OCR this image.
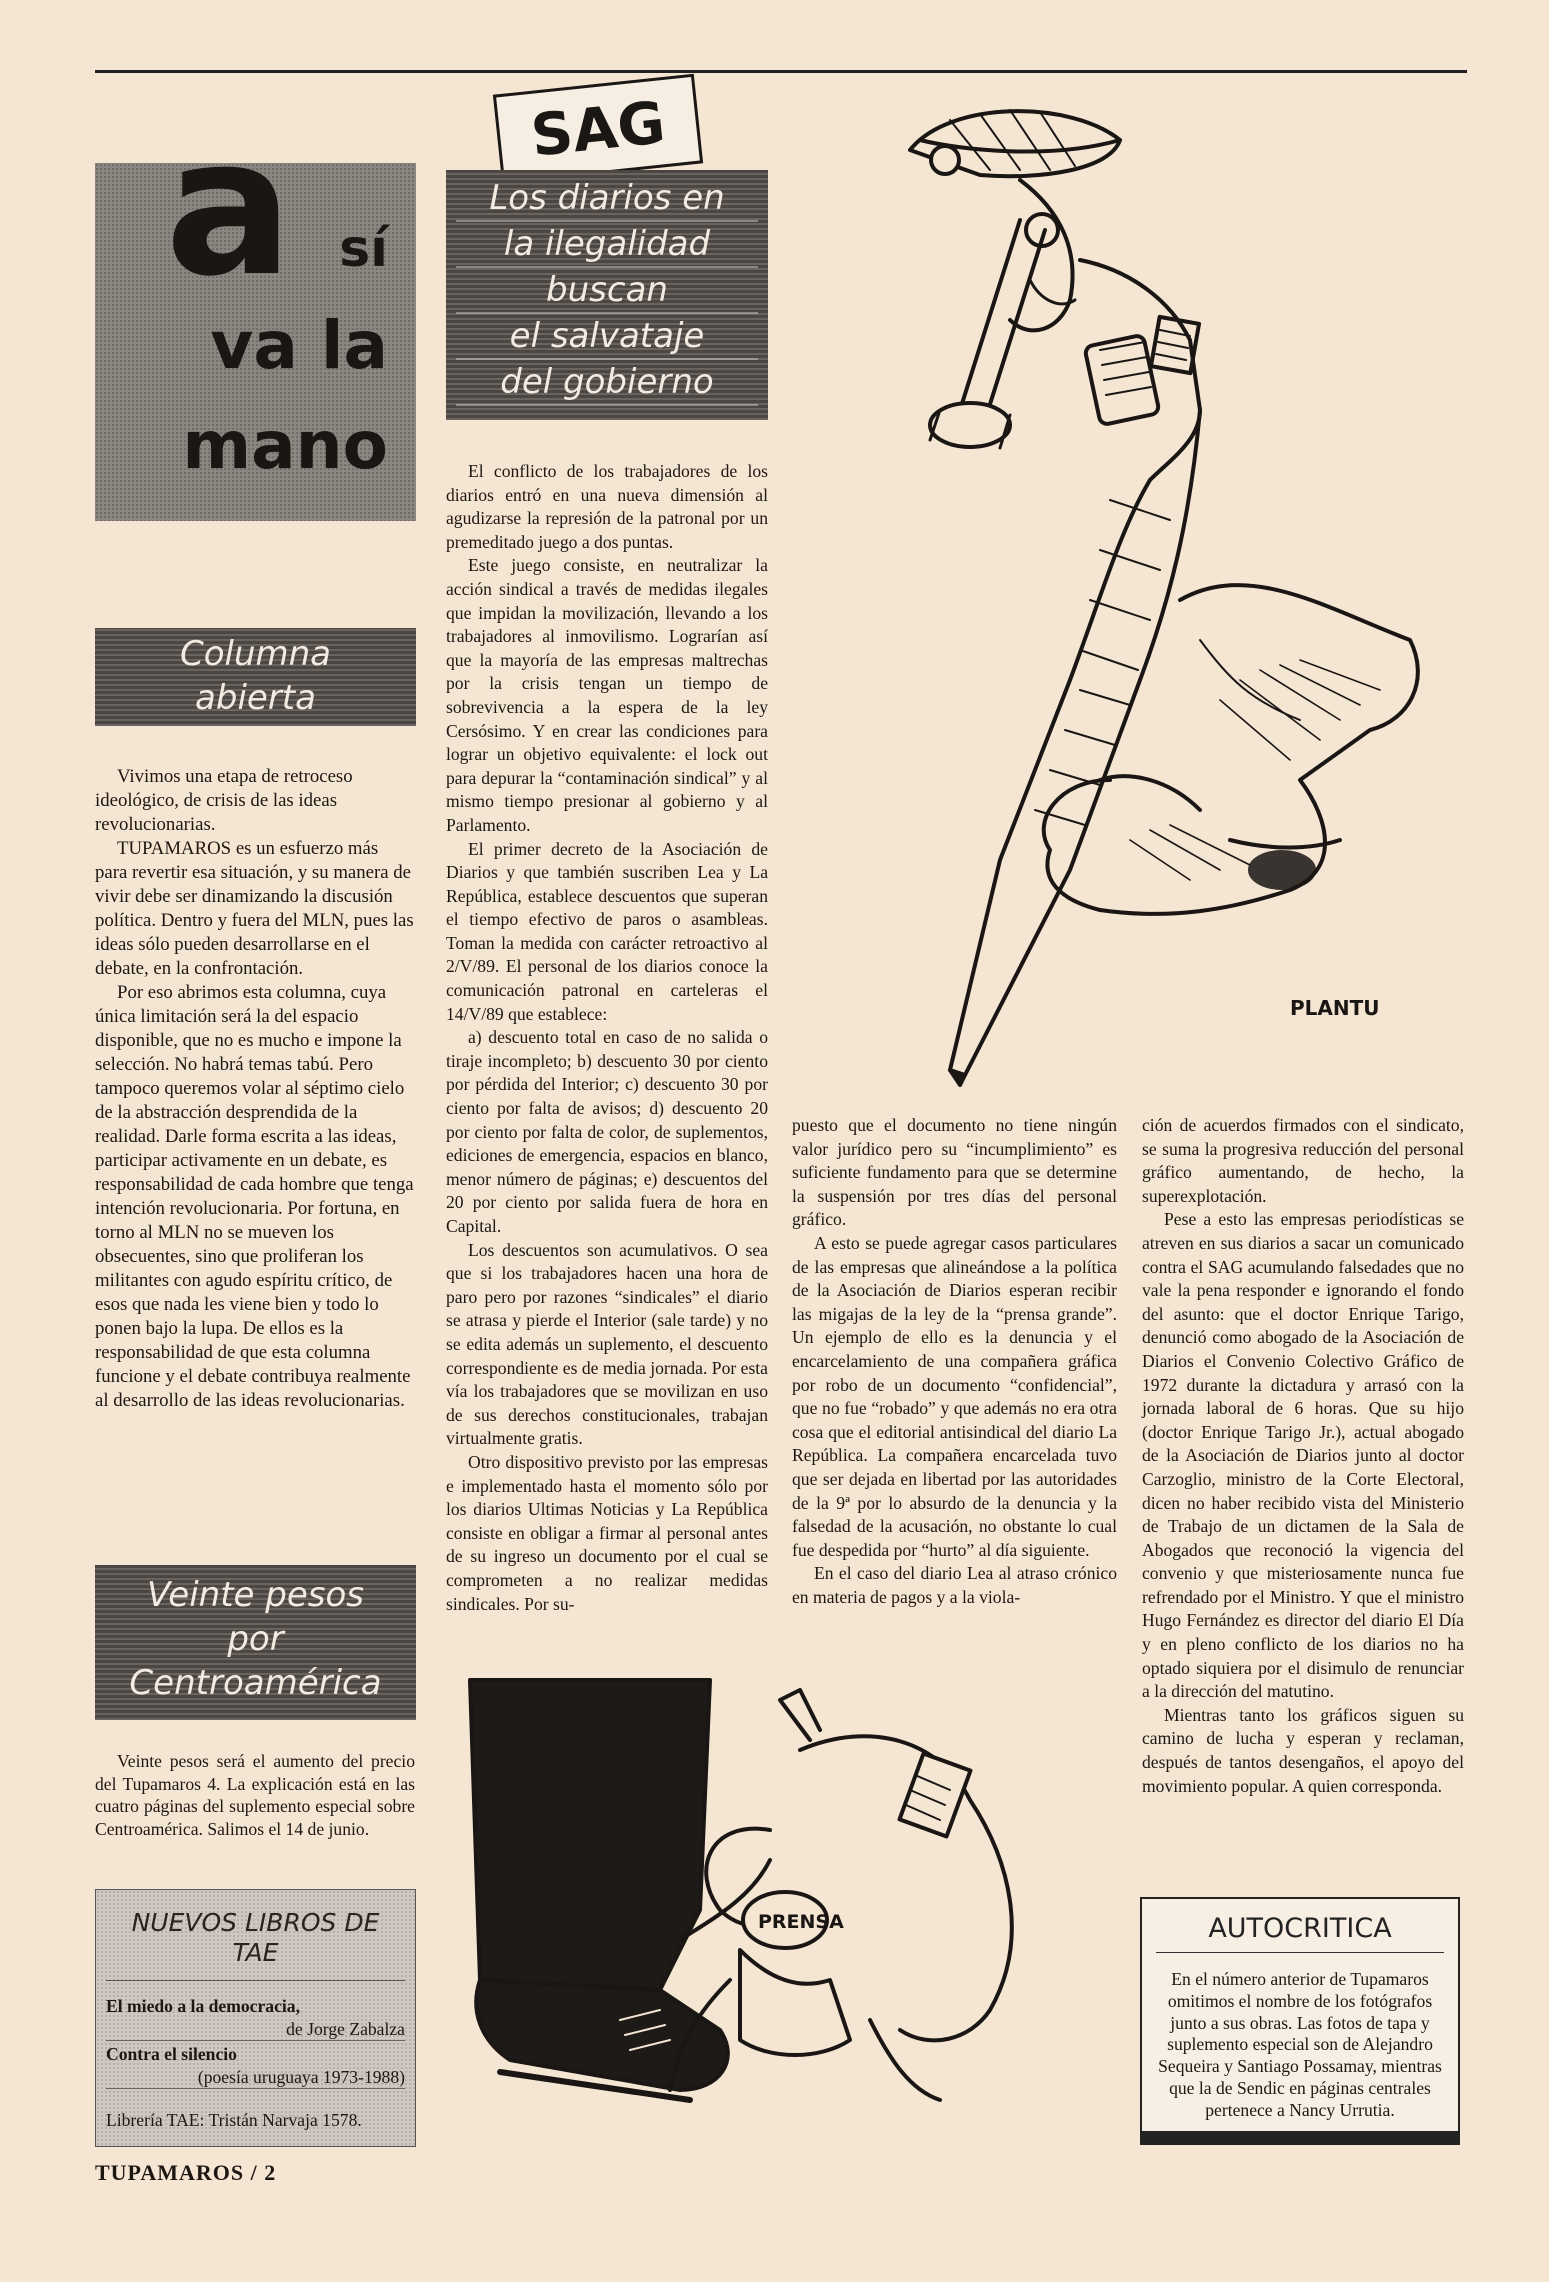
a sí
va la
mano
SAG
Los diarios en
la ilegalidad
buscan
el salvataje
del gobierno
Columna
abierta

Vivimos una etapa de retroceso ideológico, de crisis de las ideas revolucionarias.

TUPAMAROS es un esfuerzo más para revertir esa situación, y su manera de vivir debe ser dinamizando la discusión política. Dentro y fuera del MLN, pues las ideas sólo pueden desarrollarse en el debate, en la confrontación.

Por eso abrimos esta columna, cuya única limitación será la del espacio disponible, que no es mucho e impone la selección. No habrá temas tabú. Pero tampoco queremos volar al séptimo cielo de la abstracción desprendida de la realidad. Darle forma escrita a las ideas, participar activamente en un debate, es responsabilidad de cada hombre que tenga intención revolucionaria. Por fortuna, en torno al MLN no se mueven los obsecuentes, sino que proliferan los militantes con agudo espíritu crítico, de esos que nada les viene bien y todo lo ponen bajo la lupa. De ellos es la responsabilidad de que esta columna funcione y el debate contribuya realmente al desarrollo de las ideas revolucionarias.

Veinte pesos
por
Centroamérica

Veinte pesos será el aumento del precio del Tupamaros 4. La explicación está en las cuatro páginas del suplemento especial sobre Centroamérica. Salimos el 14 de junio.

NUEVOS LIBROS DE TAE
El miedo a la democracia,
de Jorge Zabalza
Contra el silencio
(poesía uruguaya 1973-1988)
Librería TAE: Tristán Narvaja 1578.

El conflicto de los trabajadores de los diarios entró en una nueva dimensión al agudizarse la represión de la patronal por un premeditado juego a dos puntas.

Este juego consiste, en neutralizar la acción sindical a través de medidas ilegales que impidan la movilización, llevando a los trabajadores al inmovilismo. Lograrían así que la mayoría de las empresas maltrechas por la crisis tengan un tiempo de sobrevivencia a la espera de la ley Cersósimo. Y en crear las condiciones para lograr un objetivo equivalente: el lock out para depurar la “contaminación sindical” y al mismo tiempo presionar al gobierno y al Parlamento.

El primer decreto de la Asociación de Diarios y que también suscriben Lea y La República, establece descuentos que superan el tiempo efectivo de paros o asambleas. Toman la medida con carácter retroactivo al 2/V/89. El personal de los diarios conoce la comunicación patronal en carteleras el 14/V/89 que establece:

a) descuento total en caso de no salida o tiraje incompleto; b) descuento 30 por ciento por pérdida del Interior; c) descuento 30 por ciento por falta de avisos; d) descuento 20 por ciento por falta de color, de suplementos, ediciones de emergencia, espacios en blanco, menor número de páginas; e) descuentos del 20 por ciento por salida fuera de hora en Capital.

Los descuentos son acumulativos. O sea que si los trabajadores hacen una hora de paro pero por razones “sindicales” el diario se atrasa y pierde el Interior (sale tarde) y no se edita además un suplemento, el descuento correspondiente es de media jornada. Por esta vía los trabajadores que se movilizan en uso de sus derechos constitucionales, trabajan virtualmente gratis.

Otro dispositivo previsto por las empresas e implementado hasta el momento sólo por los diarios Ultimas Noticias y La República consiste en obligar a firmar al personal antes de su ingreso un documento por el cual se comprometen a no realizar medidas sindicales. Por su-

puesto que el documento no tiene ningún valor jurídico pero su “incumplimiento” es suficiente fundamento para que se determine la suspensión por tres días del personal gráfico.

A esto se puede agregar casos particulares de las empresas que alineándose a la política de la Asociación de Diarios esperan recibir las migajas de la ley de la “prensa grande”. Un ejemplo de ello es la denuncia y el encarcelamiento de una compañera gráfica por robo de un documento “confidencial”, que no fue “robado” y que además no era otra cosa que el editorial antisindical del diario La República. La compañera encarcelada tuvo que ser dejada en libertad por las autoridades de la 9ª por lo absurdo de la denuncia y la falsedad de la acusación, no obstante lo cual fue despedida por “hurto” al día siguiente.

En el caso del diario Lea al atraso crónico en materia de pagos y a la viola-

ción de acuerdos firmados con el sindicato, se suma la progresiva reducción del personal gráfico aumentando, de hecho, la superexplotación.

Pese a esto las empresas periodísticas se atreven en sus diarios a sacar un comunicado contra el SAG acumulando falsedades que no vale la pena responder e ignorando el fondo del asunto: que el doctor Enrique Tarigo, denunció como abogado de la Asociación de Diarios el Convenio Colectivo Gráfico de 1972 durante la dictadura y arrasó con la jornada laboral de 6 horas. Que su hijo (doctor Enrique Tarigo Jr.), actual abogado de la Asociación de Diarios junto al doctor Carzoglio, ministro de la Corte Electoral, dicen no haber recibido vista del Ministerio de Trabajo de un dictamen de la Sala de Abogados que reconoció la vigencia del convenio y que misteriosamente nunca fue refrendado por el Ministro. Y que el ministro Hugo Fernández es director del diario El Día y en pleno conflicto de los diarios no ha optado siquiera por el disimulo de renunciar a la dirección del matutino.

Mientras tanto los gráficos siguen su camino de lucha y esperan y reclaman, después de tantos desengaños, el apoyo del movimiento popular. A quien corresponda.

AUTOCRITICA
En el número anterior de Tupamaros omitimos el nombre de los fotógrafos junto a sus obras. Las fotos de tapa y suplemento especial son de Alejandro Sequeira y Santiago Possamay, mientras que la de Sendic en páginas centrales pertenece a Nancy Urrutia.
PLANTU
PRENSA
TUPAMAROS / 2
